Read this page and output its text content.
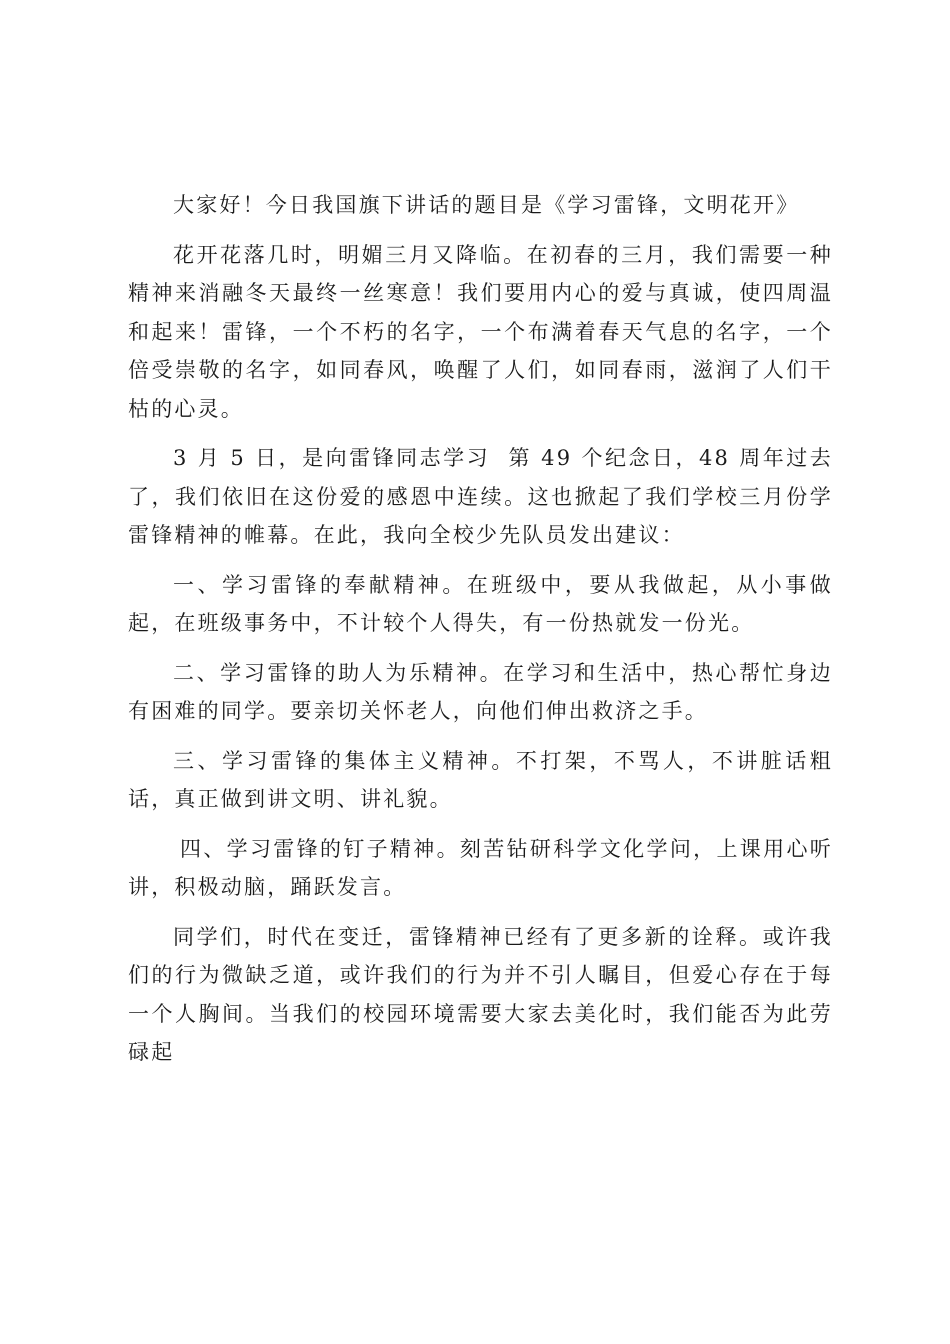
大家好！今日我国旗下讲话的题目是《学习雷锋，文明花开》

花开花落几时，明媚三月又降临。在初春的三月，我们需要一种精神来消融冬天最终一丝寒意！我们要用内心的爱与真诚，使四周温和起来！雷锋，一个不朽的名字，一个布满着春天气息的名字，一个倍受崇敬的名字，如同春风，唤醒了人们，如同春雨，滋润了人们干枯的心灵。

3 月 5 日，是向雷锋同志学习  第 49 个纪念日，48 周年过去了，我们依旧在这份爱的感恩中连续。这也掀起了我们学校三月份学雷锋精神的帷幕。在此，我向全校少先队员发出建议：

一、学习雷锋的奉献精神。在班级中，要从我做起，从小事做起，在班级事务中，不计较个人得失，有一份热就发一份光。

二、学习雷锋的助人为乐精神。在学习和生活中，热心帮忙身边有困难的同学。要亲切关怀老人，向他们伸出救济之手。

三、学习雷锋的集体主义精神。不打架，不骂人，不讲脏话粗话，真正做到讲文明、讲礼貌。

四、学习雷锋的钉子精神。刻苦钻研科学文化学问，上课用心听讲，积极动脑，踊跃发言。

同学们，时代在变迁，雷锋精神已经有了更多新的诠释。或许我们的行为微缺乏道，或许我们的行为并不引人瞩目，但爱心存在于每一个人胸间。当我们的校园环境需要大家去美化时，我们能否为此劳碌起
